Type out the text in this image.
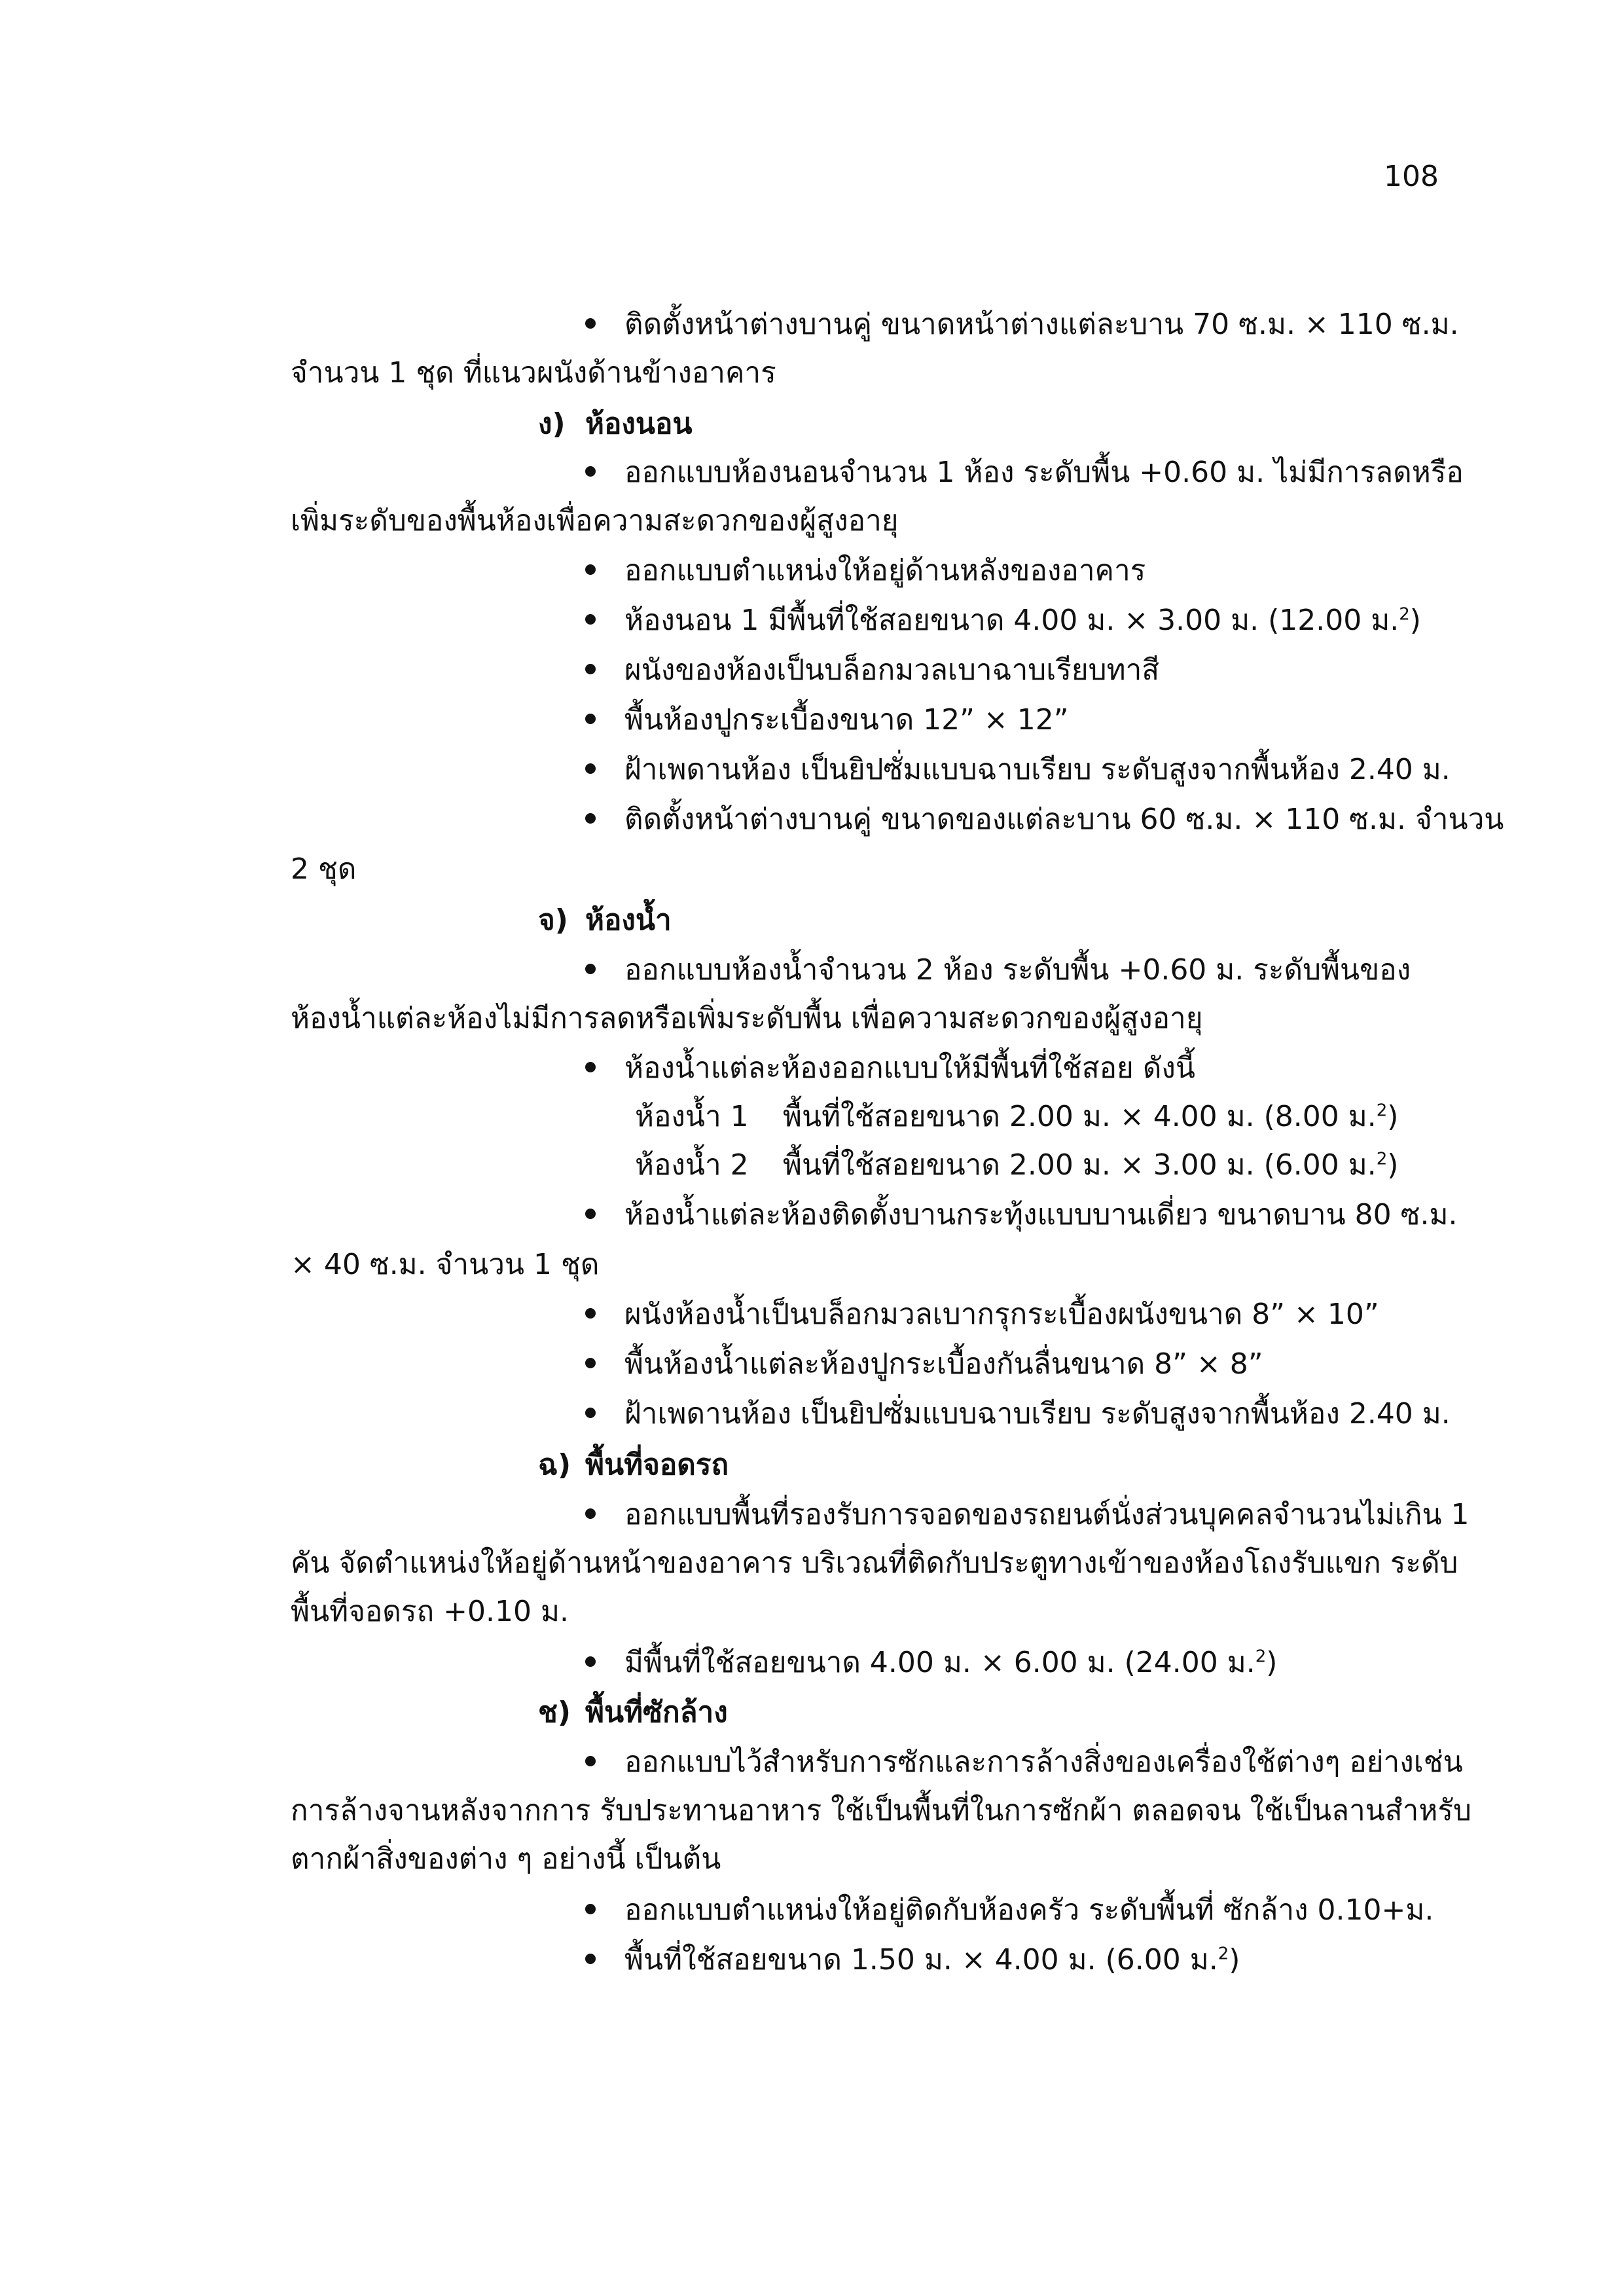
108
ติดตั้งหน้าต่างบานคู่ ขนาดหน้าต่างแต่ละบาน 70 ซ.ม. × 110 ซ.ม.
จำนวน 1 ชุด ที่แนวผนังด้านข้างอาคาร
ง) ห้องนอน
ออกแบบห้องนอนจำนวน 1 ห้อง ระดับพื้น +0.60 ม. ไม่มีการลดหรือ
เพิ่มระดับของพื้นห้องเพื่อความสะดวกของผู้สูงอายุ
ออกแบบตำแหน่งให้อยู่ด้านหลังของอาคาร
ห้องนอน 1 มีพื้นที่ใช้สอยขนาด 4.00 ม. × 3.00 ม. (12.00 ม.$^2$)
ผนังของห้องเป็นบล็อกมวลเบาฉาบเรียบทาสี
พื้นห้องปูกระเบื้องขนาด 12” × 12”
ฝ้าเพดานห้อง เป็นยิปซั่มแบบฉาบเรียบ ระดับสูงจากพื้นห้อง 2.40 ม.
ติดตั้งหน้าต่างบานคู่ ขนาดของแต่ละบาน 60 ซ.ม. × 110 ซ.ม. จำนวน
2 ชุด
จ) ห้องน้ำ
ออกแบบห้องน้ำจำนวน 2 ห้อง ระดับพื้น +0.60 ม. ระดับพื้นของ
ห้องน้ำแต่ละห้องไม่มีการลดหรือเพิ่มระดับพื้น เพื่อความสะดวกของผู้สูงอายุ
ห้องน้ำแต่ละห้องออกแบบให้มีพื้นที่ใช้สอย ดังนี้
ห้องน้ำ 1 พื้นที่ใช้สอยขนาด 2.00 ม. × 4.00 ม. (8.00 ม.$^2$)
ห้องน้ำ 2 พื้นที่ใช้สอยขนาด 2.00 ม. × 3.00 ม. (6.00 ม.$^2$)
ห้องน้ำแต่ละห้องติดตั้งบานกระทุ้งแบบบานเดี่ยว ขนาดบาน 80 ซ.ม.
× 40 ซ.ม. จำนวน 1 ชุด
ผนังห้องน้ำเป็นบล็อกมวลเบากรุกระเบื้องผนังขนาด 8” × 10”
พื้นห้องน้ำแต่ละห้องปูกระเบื้องกันลื่นขนาด 8” × 8”
ฝ้าเพดานห้อง เป็นยิปซั่มแบบฉาบเรียบ ระดับสูงจากพื้นห้อง 2.40 ม.
ฉ) พื้นที่จอดรถ
ออกแบบพื้นที่รองรับการจอดของรถยนต์นั่งส่วนบุคคลจำนวนไม่เกิน 1
คัน จัดตำแหน่งให้อยู่ด้านหน้าของอาคาร บริเวณที่ติดกับประตูทางเข้าของห้องโถงรับแขก ระดับ
พื้นที่จอดรถ +0.10 ม.
มีพื้นที่ใช้สอยขนาด 4.00 ม. × 6.00 ม. (24.00 ม.$^2$)
ช) พื้นที่ซักล้าง
ออกแบบไว้สำหรับการซักและการล้างสิ่งของเครื่องใช้ต่างๆ อย่างเช่น
การล้างจานหลังจากการ รับประทานอาหาร ใช้เป็นพื้นที่ในการซักผ้า ตลอดจน ใช้เป็นลานสำหรับ
ตากผ้าสิ่งของต่าง ๆ อย่างนี้ เป็นต้น
ออกแบบตำแหน่งให้อยู่ติดกับห้องครัว ระดับพื้นที่ ซักล้าง 0.10+ม.
พื้นที่ใช้สอยขนาด 1.50 ม. × 4.00 ม. (6.00 ม.$^2$)
